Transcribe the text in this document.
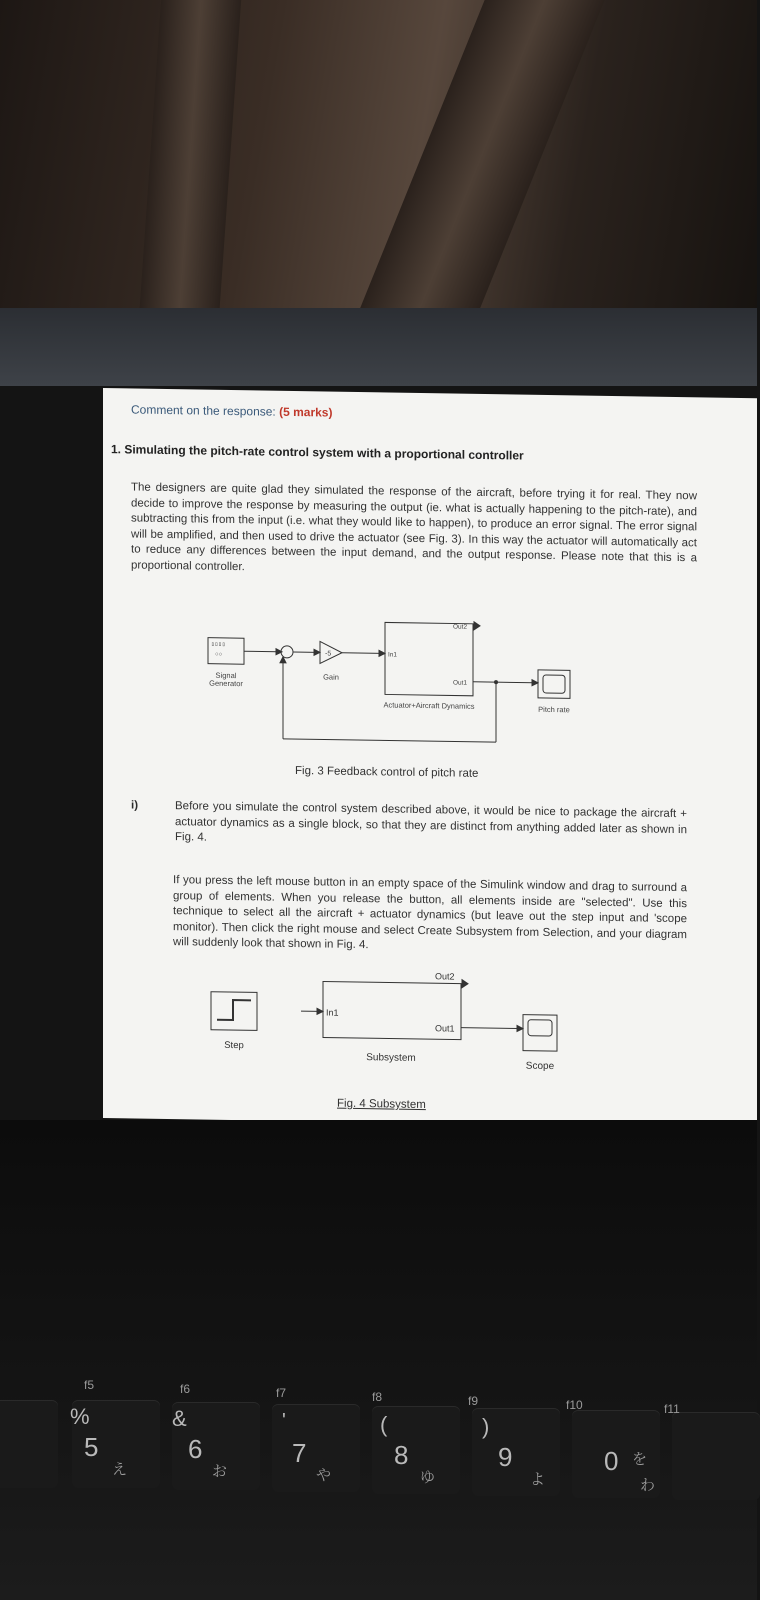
Comment on the response: (5 marks)
1. Simulating the pitch-rate control system with a proportional controller
The designers are quite glad they simulated the response of the aircraft, before trying it for real. They now decide to improve the response by measuring the output (ie. what is actually happening to the pitch-rate), and subtracting this from the input (i.e. what they would like to happen), to produce an error signal. The error signal will be amplified, and then used to drive the actuator (see Fig. 3). In this way the actuator will automatically act to reduce any differences between the input demand, and the output response. Please note that this is a proportional controller.
▯▯▯▯
○○
SignalGenerator
-5
Gain
In1
Out2
Out1
Actuator+Aircraft Dynamics	Pitch rate
Fig. 3 Feedback control of pitch rate
i)	Before you simulate the control system described above, it would be nice to package the aircraft + actuator dynamics as a single block, so that they are distinct from anything added later as shown in Fig. 4.
If you press the left mouse button in an empty space of the Simulink window and drag to surround a group of elements. When you release the button, all elements inside are "selected". Use this technique to select all the aircraft + actuator dynamics (but leave out the step input and 'scope monitor). Then click the right mouse and select Create Subsystem from Selection, and your diagram will suddenly look that shown in Fig. 4.
Step
In1
Out2
Out1
Subsystem
Scope
Fig. 4 Subsystem
f5	f6	f7	f8	f9	f10	f11
%	&	'	(	)
5	6	7	8	9	0
え	お	や	ゆ	よ
を
わ
